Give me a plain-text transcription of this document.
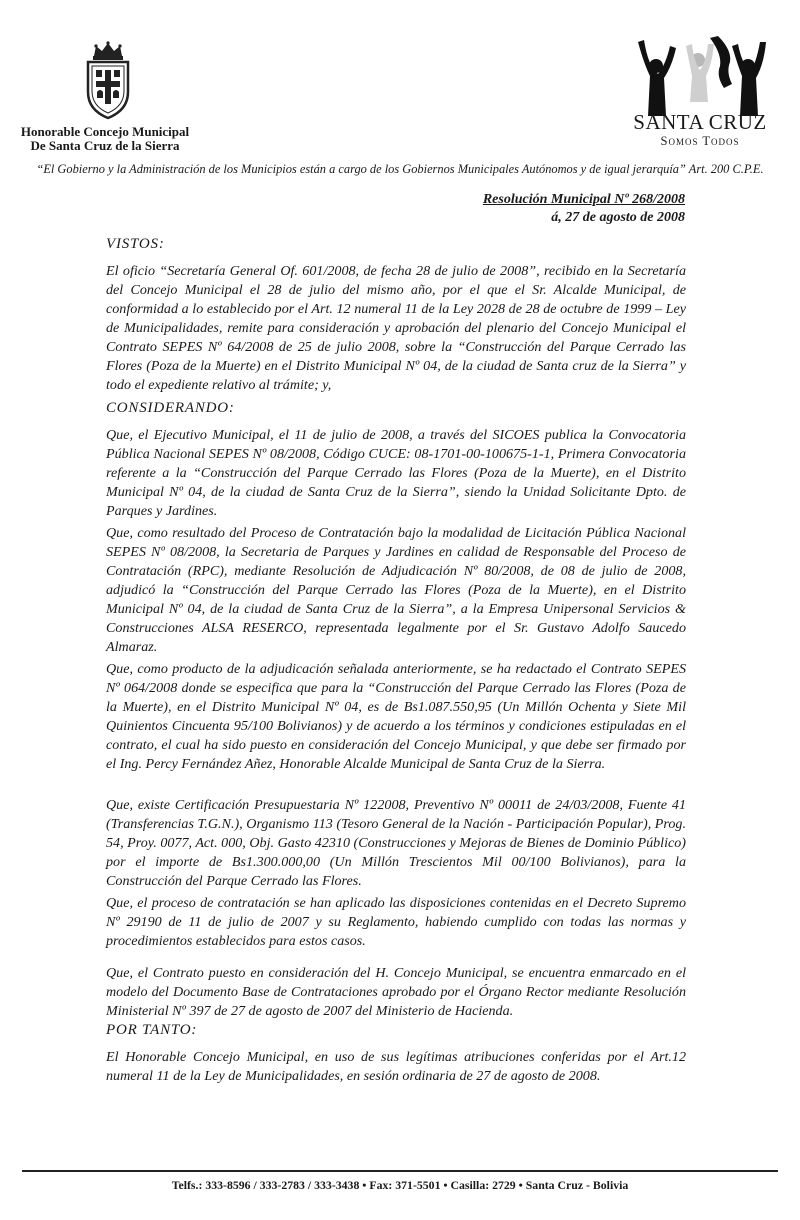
Honorable Concejo Municipal
De Santa Cruz de la Sierra
SANTA CRUZ
Somos Todos
“El Gobierno y la Administración de los Municipios están a cargo de los Gobiernos Municipales Autónomos y de igual jerarquía” Art. 200 C.P.E.
Resolución Municipal Nº 268/2008
á, 27 de agosto de 2008
VISTOS:
El oficio “Secretaría General Of. 601/2008, de fecha 28 de julio de 2008”, recibido en la Secretaría del Concejo Municipal el 28 de julio del mismo año, por el que el Sr. Alcalde Municipal, de conformidad a lo establecido por el Art. 12 numeral 11 de la Ley 2028 de 28 de octubre de 1999 – Ley de Municipalidades, remite para consideración y aprobación del plenario del Concejo Municipal el Contrato SEPES Nº 64/2008 de 25 de julio 2008, sobre la “Construcción del Parque Cerrado las Flores (Poza de la Muerte) en el Distrito Municipal Nº 04, de la ciudad de Santa cruz de la Sierra” y todo el expediente relativo al trámite; y,
CONSIDERANDO:
Que, el Ejecutivo Municipal, el 11 de julio de 2008, a través del SICOES publica la Convocatoria Pública Nacional SEPES Nº 08/2008, Código CUCE: 08-1701-00-100675-1-1, Primera Convocatoria referente a la “Construcción del Parque Cerrado las Flores (Poza de la Muerte), en el Distrito Municipal Nº 04, de la ciudad de Santa Cruz de la Sierra”, siendo la Unidad Solicitante Dpto. de Parques y Jardines.
Que, como resultado del Proceso de Contratación bajo la modalidad de Licitación Pública Nacional SEPES Nº 08/2008, la Secretaria de Parques y Jardines en calidad de Responsable del Proceso de Contratación (RPC), mediante Resolución de Adjudicación Nº 80/2008, de 08 de julio de 2008, adjudicó la “Construcción del Parque Cerrado las Flores (Poza de la Muerte), en el Distrito Municipal Nº 04, de la ciudad de Santa Cruz de la Sierra”, a la Empresa Unipersonal Servicios & Construcciones ALSA RESERCO, representada legalmente por el Sr. Gustavo Adolfo Saucedo Almaraz.
Que, como producto de la adjudicación señalada anteriormente, se ha redactado el Contrato SEPES Nº 064/2008 donde se especifica que para la “Construcción del Parque Cerrado las Flores (Poza de la Muerte), en el Distrito Municipal Nº 04, es de Bs1.087.550,95 (Un Millón Ochenta y Siete Mil Quinientos Cincuenta 95/100 Bolivianos) y de acuerdo a los términos y condiciones estipuladas en el contrato, el cual ha sido puesto en consideración del Concejo Municipal, y que debe ser firmado por el Ing. Percy Fernández Añez, Honorable Alcalde Municipal de Santa Cruz de la Sierra.
Que, existe Certificación Presupuestaria Nº 122008, Preventivo Nº 00011 de 24/03/2008, Fuente 41 (Transferencias T.G.N.), Organismo 113 (Tesoro General de la Nación - Participación Popular), Prog. 54, Proy. 0077, Act. 000, Obj. Gasto 42310 (Construcciones y Mejoras de Bienes de Dominio Público) por el importe de Bs1.300.000,00 (Un Millón Trescientos Mil 00/100 Bolivianos), para la Construcción del Parque Cerrado las Flores.
Que, el proceso de contratación se han aplicado las disposiciones contenidas en el Decreto Supremo Nº 29190 de 11 de julio de 2007 y su Reglamento, habiendo cumplido con todas las normas y procedimientos establecidos para estos casos.
Que, el Contrato puesto en consideración del H. Concejo Municipal, se encuentra enmarcado en el modelo del Documento Base de Contrataciones aprobado por el Órgano Rector mediante Resolución Ministerial Nº 397 de 27 de agosto de 2007 del Ministerio de Hacienda.
POR TANTO:
El Honorable Concejo Municipal, en uso de sus legítimas atribuciones conferidas por el Art.12 numeral 11 de la Ley de Municipalidades, en sesión ordinaria de 27 de agosto de 2008.
Telfs.: 333-8596 / 333-2783 / 333-3438 • Fax: 371-5501 • Casilla: 2729 • Santa Cruz - Bolivia
